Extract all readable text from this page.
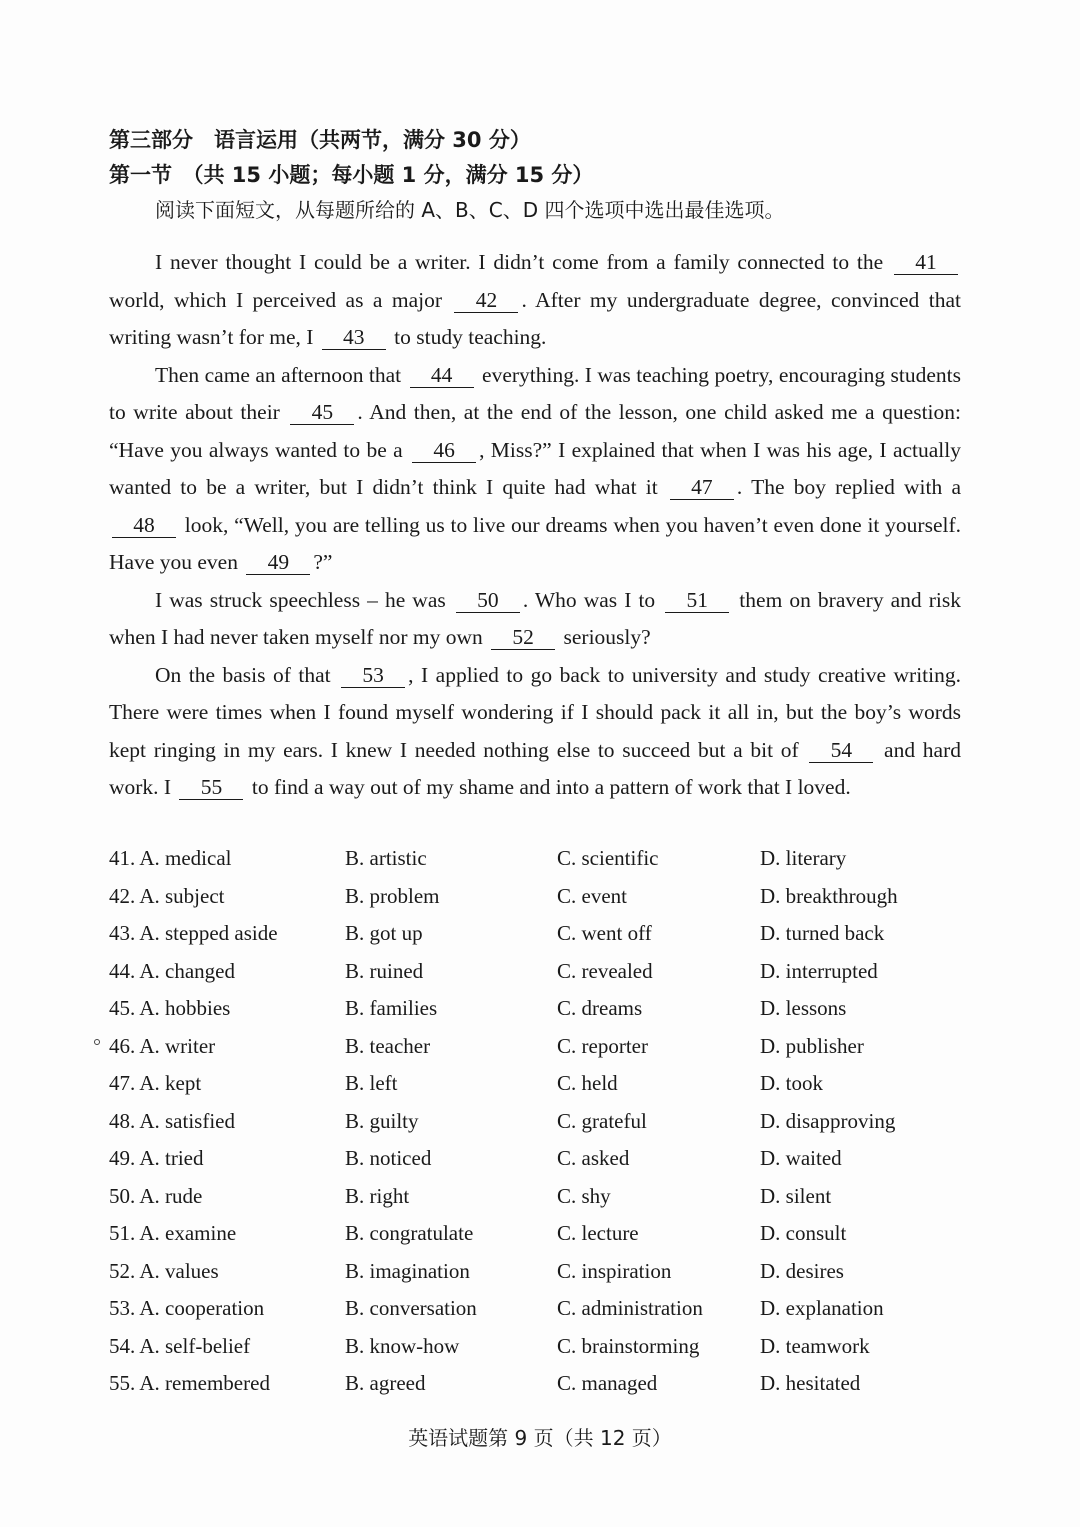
第三部分　语言运用（共两节，满分 30 分）
第一节　（共 15 小题；每小题 1 分，满分 15 分）
阅读下面短文，从每题所给的 A、B、C、D 四个选项中选出最佳选项。

I never thought I could be a writer. I didn’t come from a family connected to the 41 world, which I perceived as a major 42 . After my undergraduate degree, convinced that writing wasn’t for me, I 43 to study teaching.

Then came an afternoon that 44 everything. I was teaching poetry, encouraging students to write about their 45 . And then, at the end of the lesson, one child asked me a question: “Have you always wanted to be a 46 , Miss?” I explained that when I was his age, I actually wanted to be a writer, but I didn’t think I quite had what it 47 . The boy replied with a 48 look, “Well, you are telling us to live our dreams when you haven’t even done it yourself. Have you even 49 ?”

I was struck speechless – he was 50 . Who was I to 51 them on bravery and risk when I had never taken myself nor my own 52 seriously?

On the basis of that 53 , I applied to go back to university and study creative writing. There were times when I found myself wondering if I should pack it all in, but the boy’s words kept ringing in my ears. I knew I needed nothing else to succeed but a bit of 54 and hard work. I 55 to find a way out of my shame and into a pattern of work that I loved.

41. A. medical	B. artistic	C. scientific	D. literary
42. A. subject	B. problem	C. event	D. breakthrough
43. A. stepped aside	B. got up	C. went off	D. turned back
44. A. changed	B. ruined	C. revealed	D. interrupted
45. A. hobbies	B. families	C. dreams	D. lessons
46. A. writer	B. teacher	C. reporter	D. publisher
47. A. kept	B. left	C. held	D. took
48. A. satisfied	B. guilty	C. grateful	D. disapproving
49. A. tried	B. noticed	C. asked	D. waited
50. A. rude	B. right	C. shy	D. silent
51. A. examine	B. congratulate	C. lecture	D. consult
52. A. values	B. imagination	C. inspiration	D. desires
53. A. cooperation	B. conversation	C. administration	D. explanation
54. A. self-belief	B. know-how	C. brainstorming	D. teamwork
55. A. remembered	B. agreed	C. managed	D. hesitated
英语试题第 9 页（共 12 页）
